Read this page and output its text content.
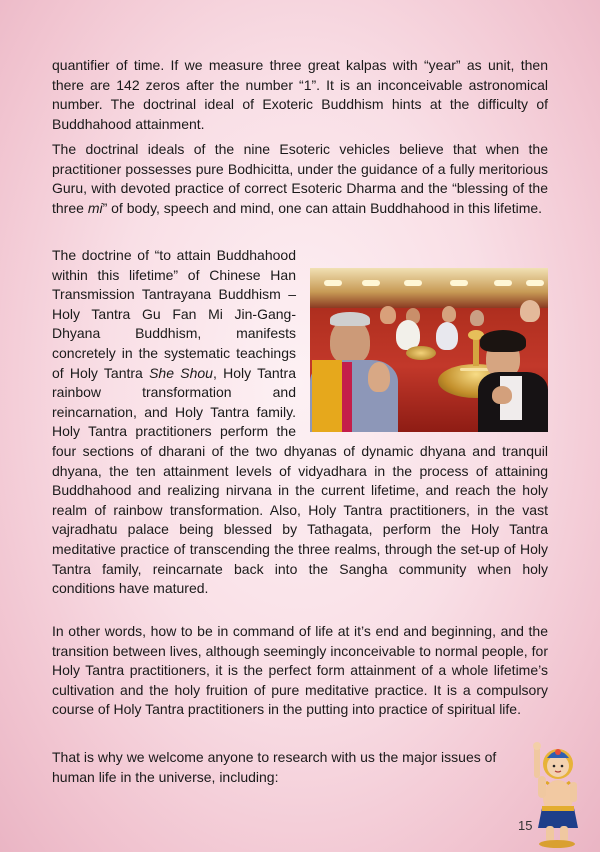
quantifier of time. If we measure three great kalpas with “year” as unit, then there are 142 zeros after the number “1”. It is an inconceivable astronomical number. The doctrinal ideal of Exoteric Buddhism hints at the difficulty of Buddhahood attainment.

The doctrinal ideals of the nine Esoteric vehicles believe that when the practitioner possesses pure Bodhicitta, under the guidance of a fully meritorious Guru, with devoted practice of correct Esoteric Dharma and the “blessing of the three mi” of body, speech and mind, one can attain Buddhahood in this lifetime.

The doctrine of “to attain Buddhahood within this lifetime” of Chinese Han Transmission Tantrayana Buddhism – Holy Tantra Gu Fan Mi Jin-Gang-Dhyana Buddhism, manifests concretely in the systematic teachings of Holy Tantra She Shou, Holy Tantra rainbow transformation and reincarnation, and Holy Tantra family. Holy Tantra practitioners perform the four sections of dharani of the two dhyanas of dynamic dhyana and tranquil dhyana, the ten attainment levels of vidyadhara in the process of attaining Buddhahood and realizing nirvana in the current lifetime, and reach the holy realm of rainbow transformation. Also, Holy Tantra practitioners, in the vast vajradhatu palace being blessed by Tathagata, perform the Holy Tantra meditative practice of transcending the three realms, through the set-up of Holy Tantra family, reincarnate back into the Sangha community when holy conditions have matured.

In other words, how to be in command of life at it’s end and beginning, and the transition between lives, although seemingly inconceivable to normal people, for Holy Tantra practitioners, it is the perfect form attainment of a whole lifetime’s cultivation and the holy fruition of pure meditative practice. It is a compulsory course of Holy Tantra practitioners in the putting into practice of spiritual life.

That is why we welcome anyone to research with us the major issues of human life in the universe, including:

15
